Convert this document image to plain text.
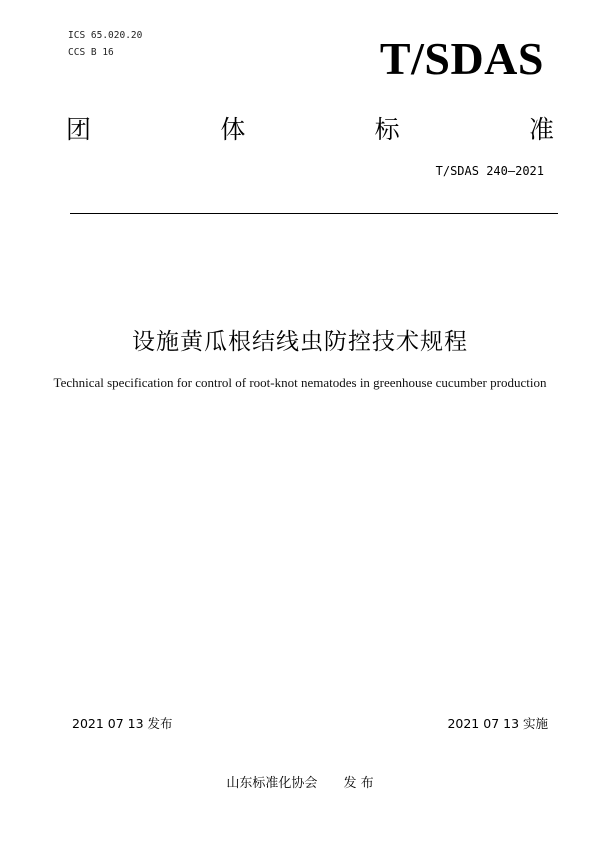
ICS 65.020.20
CCS B 16	T/SDAS
团	体	标	准
T/SDAS 240—2021
设施黄瓜根结线虫防控技术规程
Technical specification for control of root-knot nematodes in greenhouse cucumber production
2021 07 13 发布	2021 07 13 实施
山东标准化协会 发 布
